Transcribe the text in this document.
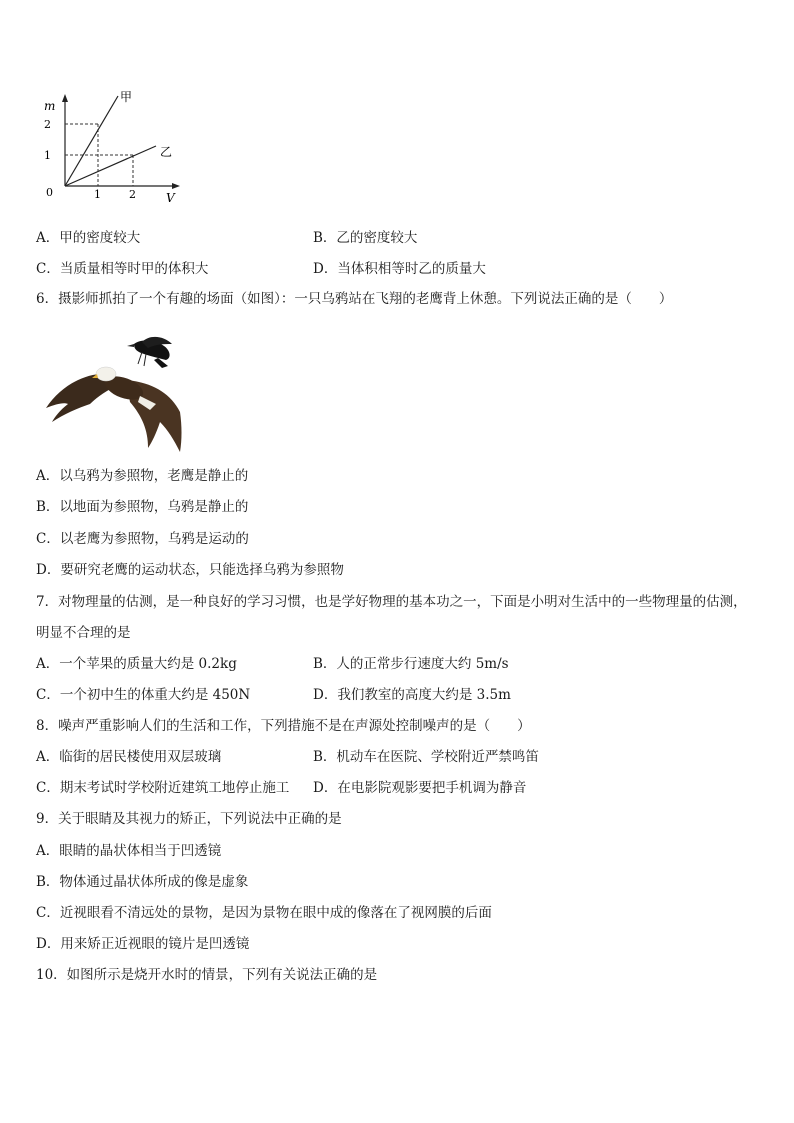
m
2
1
0	1	2	V
甲
乙
A．甲的密度较大	B．乙的密度较大
C．当质量相等时甲的体积大	D．当体积相等时乙的质量大
6．摄影师抓拍了一个有趣的场面（如图）：一只乌鸦站在飞翔的老鹰背上休憩。下列说法正确的是（　　）
A．以乌鸦为参照物，老鹰是静止的
B．以地面为参照物，乌鸦是静止的
C．以老鹰为参照物，乌鸦是运动的
D．要研究老鹰的运动状态，只能选择乌鸦为参照物
7．对物理量的估测，是一种良好的学习习惯，也是学好物理的基本功之一，下面是小明对生活中的一些物理量的估测，
明显不合理的是
A．一个苹果的质量大约是 0.2kg	B．人的正常步行速度大约 5m/s
C．一个初中生的体重大约是 450N	D．我们教室的高度大约是 3.5m
8．噪声严重影响人们的生活和工作，下列措施不是在声源处控制噪声的是（　　）
A．临街的居民楼使用双层玻璃	B．机动车在医院、学校附近严禁鸣笛
C．期末考试时学校附近建筑工地停止施工 D．在电影院观影要把手机调为静音
9．关于眼睛及其视力的矫正，下列说法中正确的是
A．眼睛的晶状体相当于凹透镜
B．物体通过晶状体所成的像是虚象
C．近视眼看不清远处的景物，是因为景物在眼中成的像落在了视网膜的后面
D．用来矫正近视眼的镜片是凹透镜
10．如图所示是烧开水时的情景，下列有关说法正确的是
